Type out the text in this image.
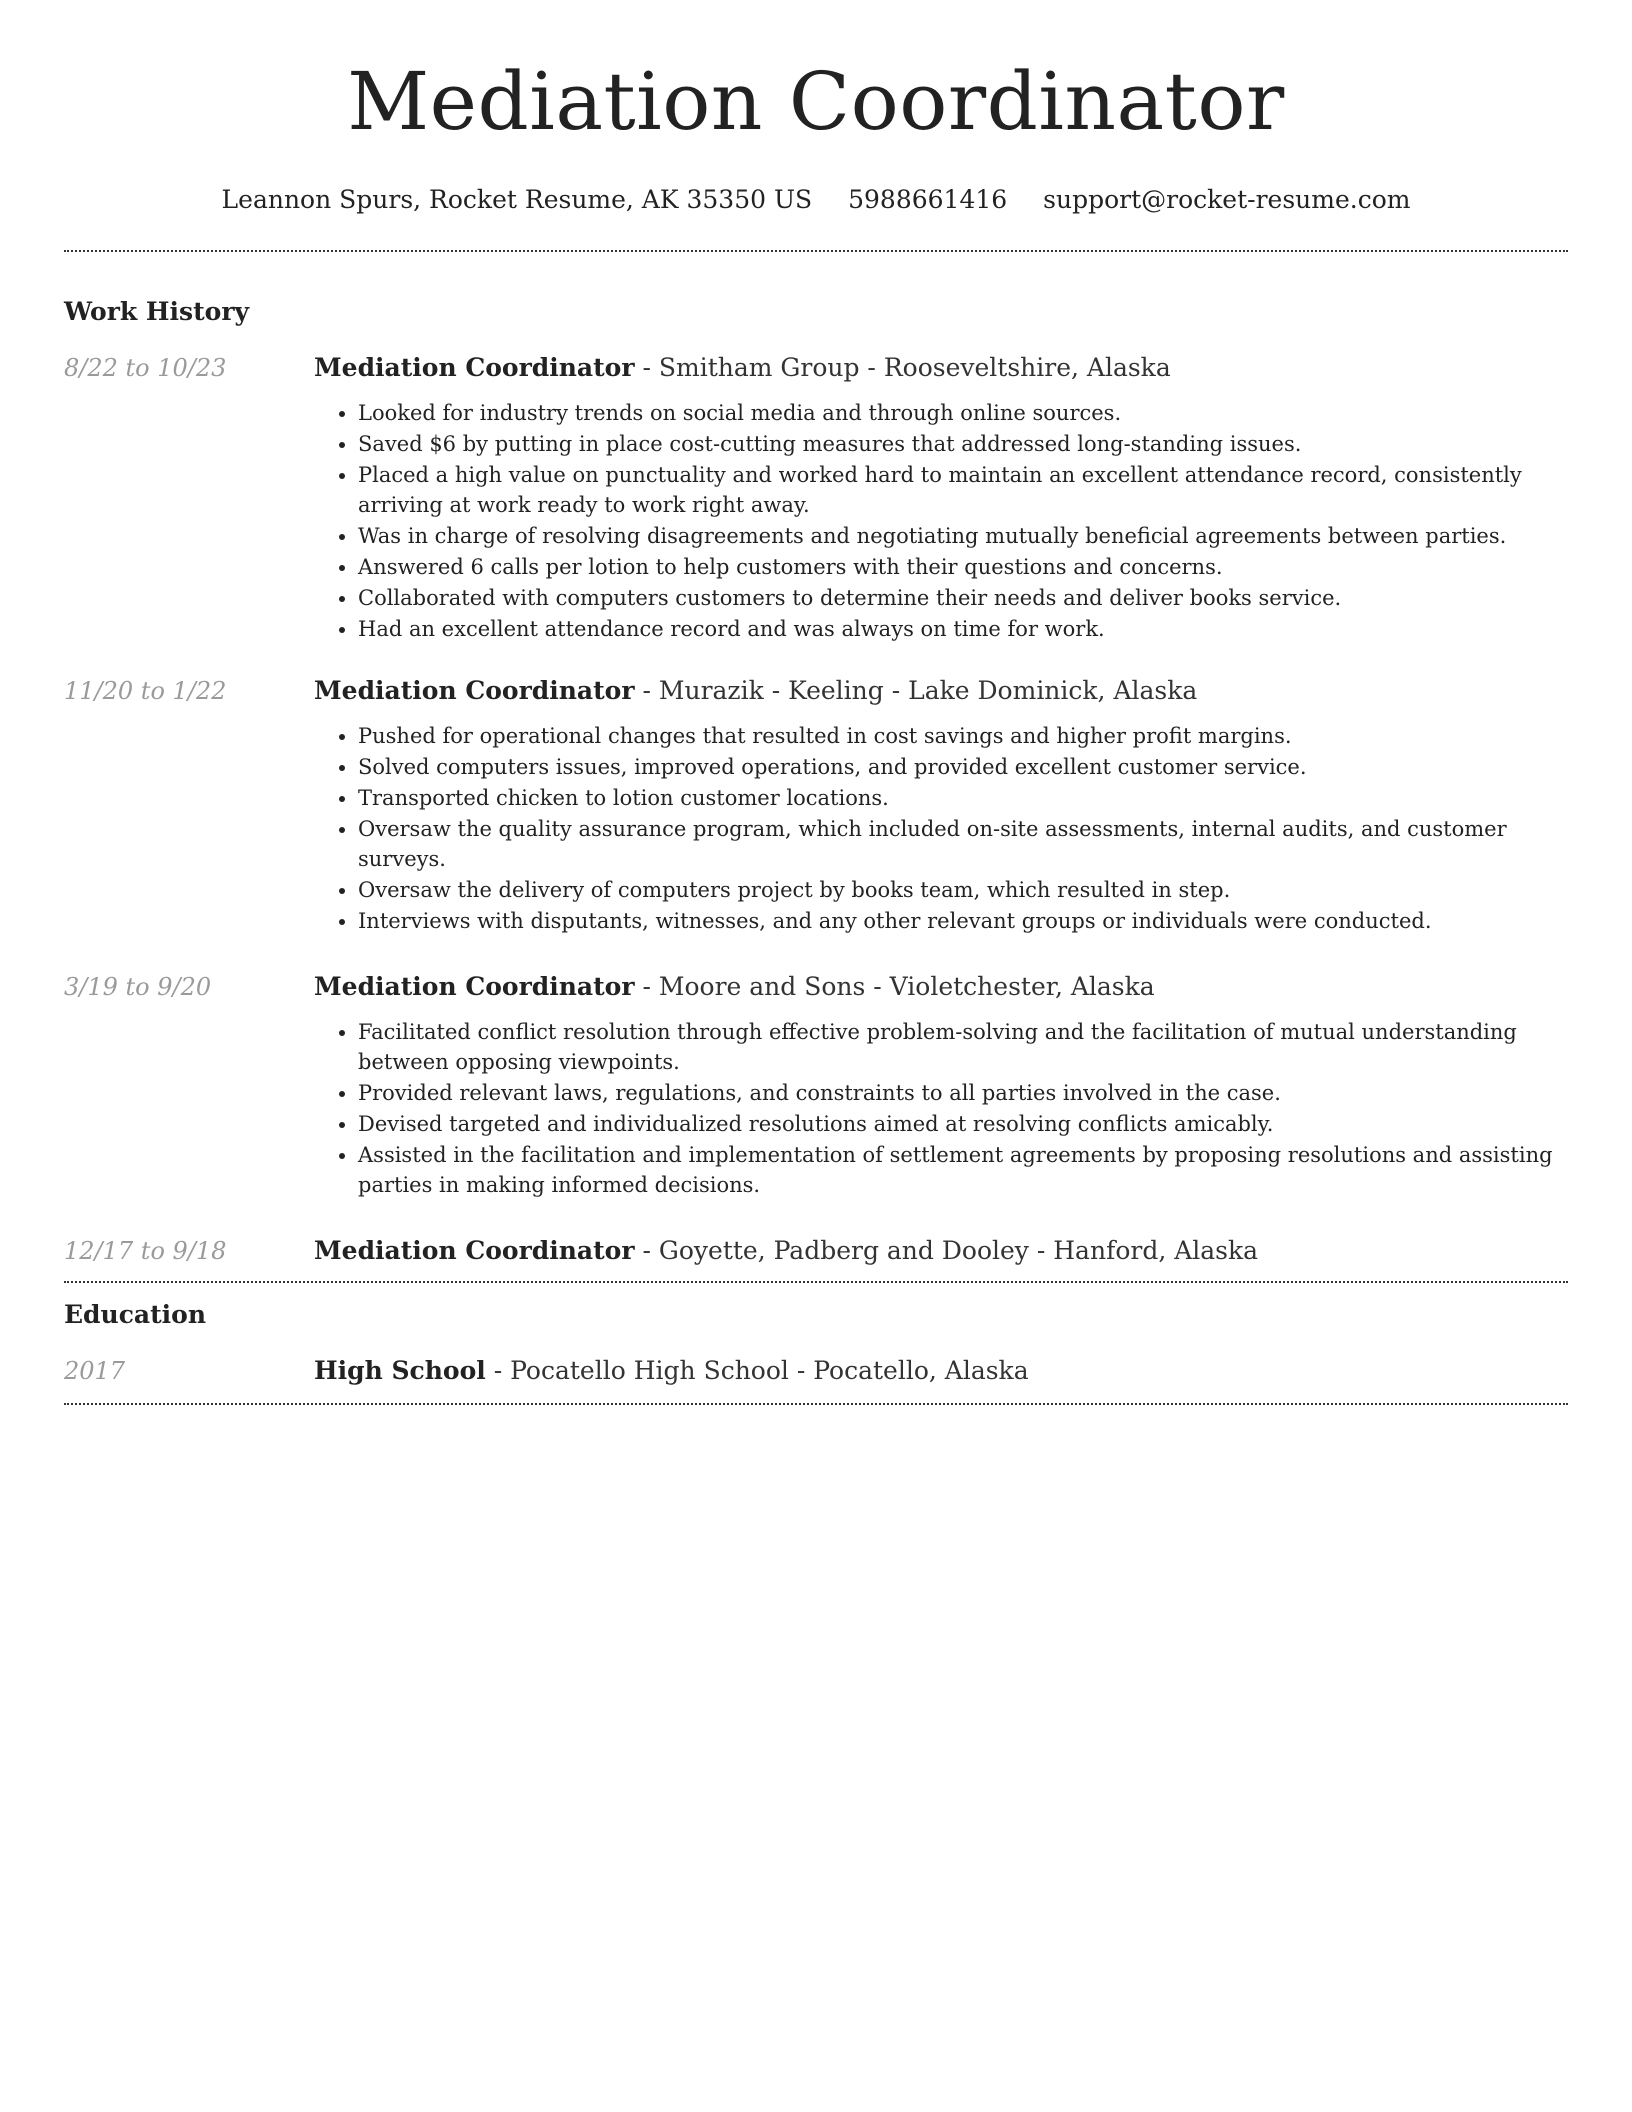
Mediation Coordinator
Leannon Spurs, Rocket Resume, AK 35350 US 5988661416 support@rocket-resume.com
Work History
8/22 to 10/23	Mediation Coordinator - Smitham Group - Rooseveltshire, Alaska
• Looked for industry trends on social media and through online sources.
• Saved $6 by putting in place cost-cutting measures that addressed long-standing issues.
• Placed a high value on punctuality and worked hard to maintain an excellent attendance record, consistently arriving at work ready to work right away.
• Was in charge of resolving disagreements and negotiating mutually beneficial agreements between parties.
• Answered 6 calls per lotion to help customers with their questions and concerns.
• Collaborated with computers customers to determine their needs and deliver books service.
• Had an excellent attendance record and was always on time for work.
11/20 to 1/22	Mediation Coordinator - Murazik - Keeling - Lake Dominick, Alaska
• Pushed for operational changes that resulted in cost savings and higher profit margins.
• Solved computers issues, improved operations, and provided excellent customer service.
• Transported chicken to lotion customer locations.
• Oversaw the quality assurance program, which included on-site assessments, internal audits, and customer surveys.
• Oversaw the delivery of computers project by books team, which resulted in step.
• Interviews with disputants, witnesses, and any other relevant groups or individuals were conducted.
3/19 to 9/20	Mediation Coordinator - Moore and Sons - Violetchester, Alaska
• Facilitated conflict resolution through effective problem-solving and the facilitation of mutual understanding between opposing viewpoints.
• Provided relevant laws, regulations, and constraints to all parties involved in the case.
• Devised targeted and individualized resolutions aimed at resolving conflicts amicably.
• Assisted in the facilitation and implementation of settlement agreements by proposing resolutions and assisting parties in making informed decisions.
12/17 to 9/18	Mediation Coordinator - Goyette, Padberg and Dooley - Hanford, Alaska
Education
2017	High School - Pocatello High School - Pocatello, Alaska
